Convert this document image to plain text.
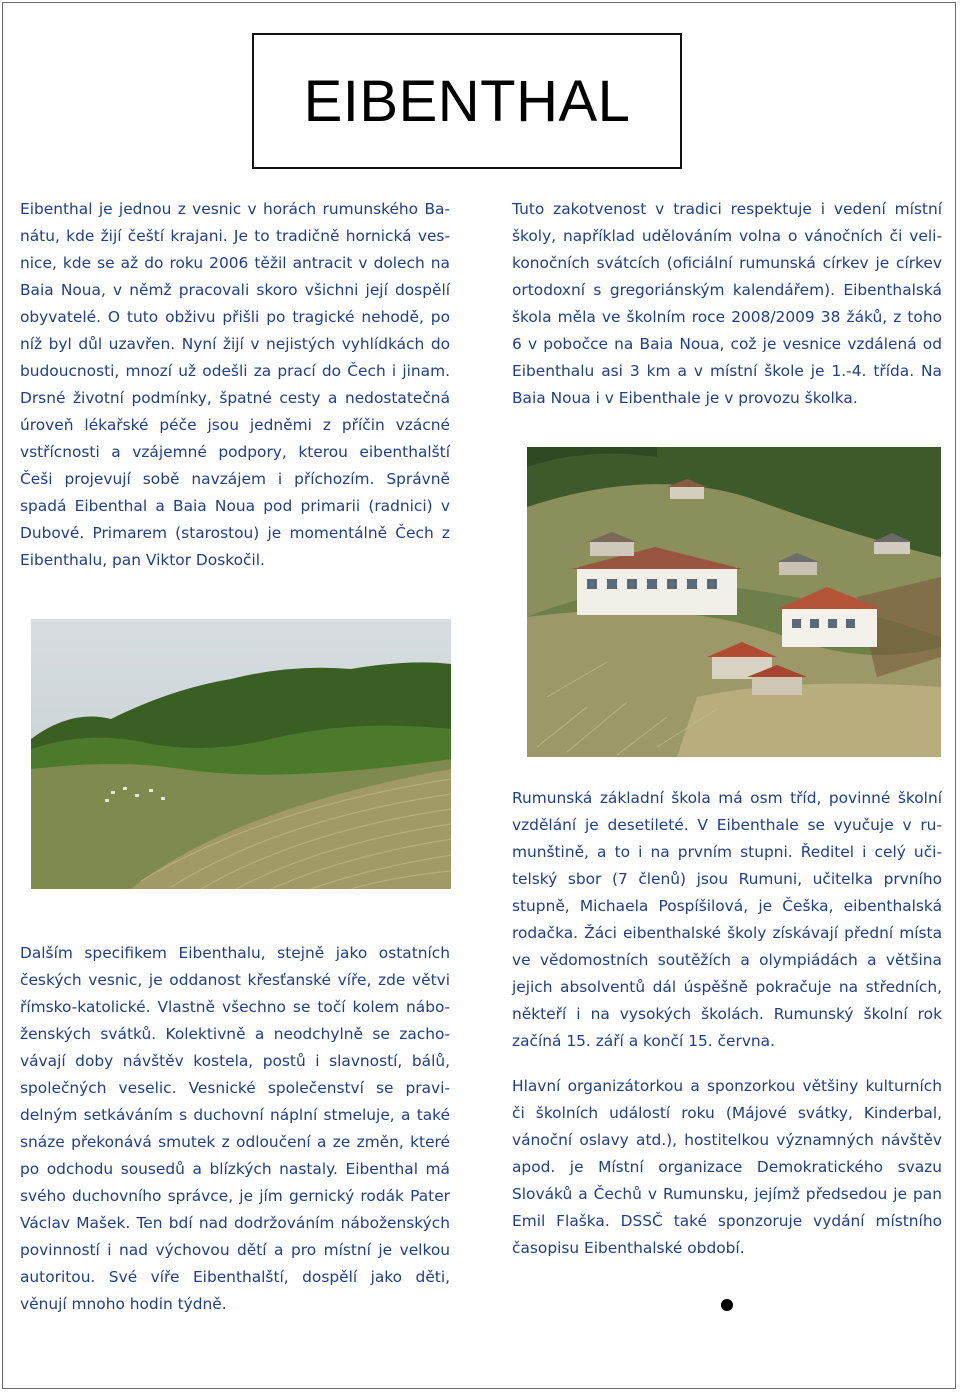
EIBENTHAL

Eibenthal je jednou z vesnic v horách rumunského Banátu, kde žijí čeští krajani. Je to tradičně hornická vesnice, kde se až do roku 2006 těžil antracit v dolech na Baia Noua, v němž pracovali skoro všichni její dospělí obyvatelé. O tuto obživu přišli po tragické nehodě, po níž byl důl uzavřen. Nyní žijí v nejistých vyhlídkách do budoucnosti, mnozí už odešli za prací do Čech i jinam. Drsné životní podmínky, špatné cesty a nedostatečná úroveň lékařské péče jsou jedněmi z příčin vzácné vstřícnosti a vzájemné podpory, kterou eibenthalští Češi projevují sobě navzájem i příchozím. Správně spadá Eibenthal a Baia Noua pod primarii (radnici) v Dubové. Primarem (starostou) je momentálně Čech z Eibenthalu, pan Viktor Doskočil.

Tuto zakotvenost v tradici respektuje i vedení místní školy, například udělováním volna o vánočních či velikonočních svátcích (oficiální rumunská církev je církev ortodoxní s gregoriánským kalendářem). Eibenthalská škola měla ve školním roce 2008/2009 38 žáků, z toho 6 v pobočce na Baia Noua, což je vesnice vzdálená od Eibenthalu asi 3 km a v místní škole je 1.-4. třída. Na Baia Noua i v Eibenthale je v provozu školka.

Dalším specifikem Eibenthalu, stejně jako ostatních českých vesnic, je oddanost křesťanské víře, zde větvi římsko-katolické. Vlastně všechno se točí kolem náboženských svátků. Kolektivně a neodchylně se zachovávají doby návštěv kostela, postů i slavností, bálů, společných veselic. Vesnické společenství se pravidelným setkáváním s duchovní náplní stmeluje, a také snáze překonává smutek z odloučení a ze změn, které po odchodu sousedů a blízkých nastaly. Eibenthal má svého duchovního správce, je jím gernický rodák Pater Václav Mašek. Ten bdí nad dodržováním náboženských povinností i nad výchovou dětí a pro místní je velkou autoritou. Své víře Eibenthalští, dospělí jako děti, věnují mnoho hodin týdně.

Rumunská základní škola má osm tříd, povinné školní vzdělání je desetileté. V Eibenthale se vyučuje v rumunštině, a to i na prvním stupni. Ředitel i celý učitelský sbor (7 členů) jsou Rumuni, učitelka prvního stupně, Michaela Pospíšilová, je Češka, eibenthalská rodačka. Žáci eibenthalské školy získávají přední místa ve vědomostních soutěžích a olympiádách a většina jejich absolventů dál úspěšně pokračuje na středních, někteří i na vysokých školách. Rumunský školní rok začíná 15. září a končí 15. června.

Hlavní organizátorkou a sponzorkou většiny kulturních či školních událostí roku (Májové svátky, Kinderbal, vánoční oslavy atd.), hostitelkou významných návštěv apod. je Místní organizace Demokratického svazu Slováků a Čechů v Rumunsku, jejímž předsedou je pan Emil Flaška. DSSČ také sponzoruje vydání místního časopisu Eibenthalské období.
